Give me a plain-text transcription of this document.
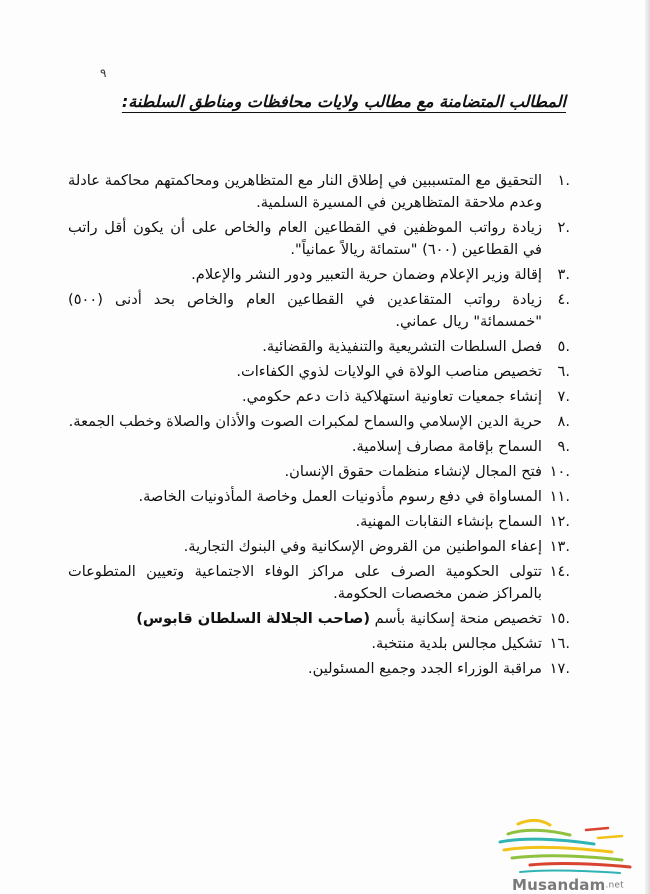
٩
المطالب المتضامنة مع مطالب ولايات محافظات ومناطق السلطنة:
.١
التحقيق مع المتسببين في إطلاق النار مع المتظاهرين ومحاكمتهم محاكمة عادلة وعدم ملاحقة المتظاهرين في المسيرة السلمية.
.٢
زيادة رواتب الموظفين في القطاعين العام والخاص على أن يكون أقل راتب في القطاعين (٦٠٠) "ستمائة ريالاً عمانياً".
.٣
إقالة وزير الإعلام وضمان حرية التعبير ودور النشر والإعلام.
.٤
زيادة رواتب المتقاعدين في القطاعين العام والخاص بحد أدنى (٥٠٠) "خمسمائة" ريال عماني.
.٥
فصل السلطات التشريعية والتنفيذية والقضائية.
.٦
تخصيص مناصب الولاة في الولايات لذوي الكفاءات.
.٧
إنشاء جمعيات تعاونية استهلاكية ذات دعم حكومي.
.٨
حرية الدين الإسلامي والسماح لمكبرات الصوت والأذان والصلاة وخطب الجمعة.
.٩
السماح بإقامة مصارف إسلامية.
.١٠
فتح المجال لإنشاء منظمات حقوق الإنسان.
.١١
المساواة في دفع رسوم مأذونيات العمل وخاصة المأذونيات الخاصة.
.١٢
السماح بإنشاء النقابات المهنية.
.١٣
إعفاء المواطنين من القروض الإسكانية وفي البنوك التجارية.
.١٤
تتولى الحكومية الصرف على مراكز الوفاء الاجتماعية وتعيين المتطوعات بالمراكز ضمن مخصصات الحكومة.
.١٥
تخصيص منحة إسكانية بأسم (صاحب الجلالة السلطان قابوس)
.١٦
تشكيل مجالس بلدية منتخبة.
.١٧
مراقبة الوزراء الجدد وجميع المسئولين.
Musandam.net
